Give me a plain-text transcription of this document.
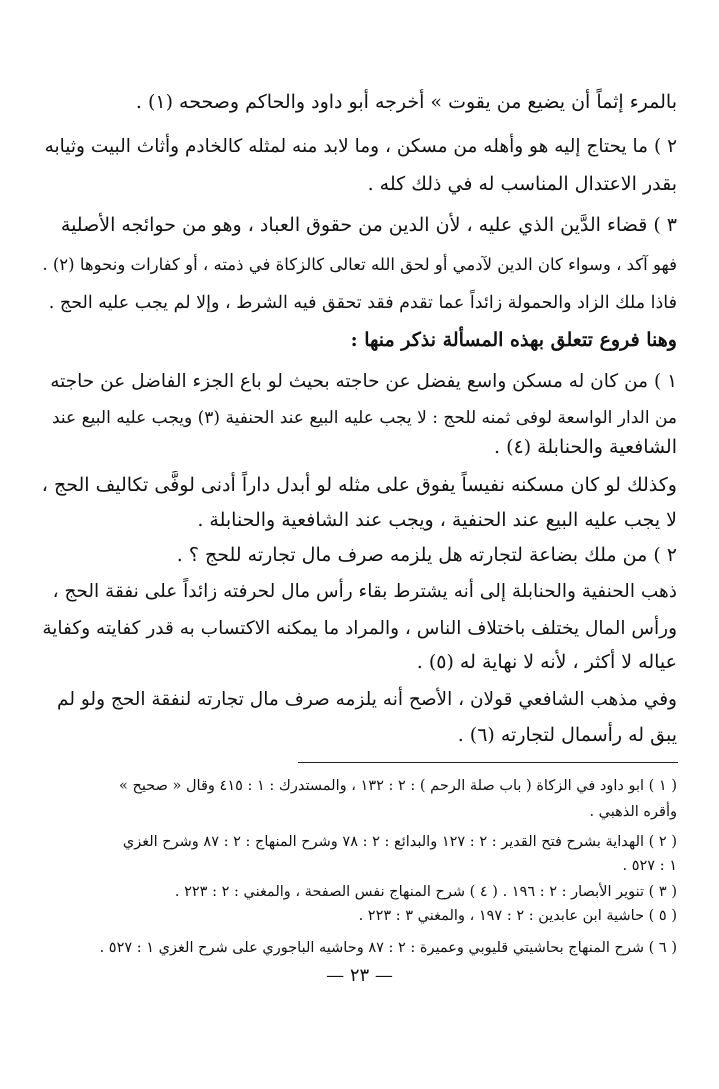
بالمرء إثماً أن يضيع من يقوت » أخرجه أبو داود والحاكم وصححه (١) .
٢ ) ما يحتاج إليه هو وأهله من مسكن ، وما لابد منه لمثله كالخادم وأثاث البيت وثيابه
بقدر الاعتدال المناسب له في ذلك كله .
٣ ) قضاء الدَّين الذي عليه ، لأن الدين من حقوق العباد ، وهو من حوائجه الأصلية
فهو آكد ، وسواء كان الدين لآدمي أو لحق الله تعالى كالزكاة في ذمته ، أو كفارات ونحوها (٢) .
فاذا ملك الزاد والحمولة زائداً عما تقدم فقد تحقق فيه الشرط ، وإلا لم يجب عليه الحج .
وهنا فروع تتعلق بهذه المسألة نذكر منها :
١ ) من كان له مسكن واسع يفضل عن حاجته بحيث لو باع الجزء الفاضل عن حاجته
من الدار الواسعة لوفى ثمنه للحج : لا يجب عليه البيع عند الحنفية (٣) ويجب عليه البيع عند
الشافعية والحنابلة (٤) .
وكذلك لو كان مسكنه نفيساً يفوق على مثله لو أبدل داراً أدنى لوفَّى تكاليف الحج ،
لا يجب عليه البيع عند الحنفية ، ويجب عند الشافعية والحنابلة .
٢ ) من ملك بضاعة لتجارته هل يلزمه صرف مال تجارته للحج ؟ .
ذهب الحنفية والحنابلة إلى أنه يشترط بقاء رأس مال لحرفته زائداً على نفقة الحج ،
ورأس المال يختلف باختلاف الناس ، والمراد ما يمكنه الاكتساب به قدر كفايته وكفاية
عياله لا أكثر ، لأنه لا نهاية له (٥) .
وفي مذهب الشافعي قولان ، الأصح أنه يلزمه صرف مال تجارته لنفقة الحج ولو لم
يبق له رأسمال لتجارته (٦) .
( ١ ) ابو داود في الزكاة ( باب صلة الرحم ) : ٢ : ١٣٢ ، والمستدرك : ١ : ٤١٥ وقال « صحيح »
وأقره الذهبي .
( ٢ ) الهداية بشرح فتح القدير : ٢ : ١٢٧ والبدائع : ٢ : ٧٨ وشرح المنهاج : ٢ : ٨٧ وشرح الغزي
١ : ٥٢٧ .
( ٣ ) تنوير الأبصار : ٢ : ١٩٦ . ( ٤ ) شرح المنهاج نفس الصفحة ، والمغني : ٢ : ٢٢٣ .
( ٥ ) حاشية ابن عابدين : ٢ : ١٩٧ ، والمغني ٣ : ٢٢٣ .
( ٦ ) شرح المنهاج بحاشيتي قليوبي وعميرة : ٢ : ٨٧ وحاشيه الباجوري على شرح الغزي ١ : ٥٢٧ .
— ٢٣ —
